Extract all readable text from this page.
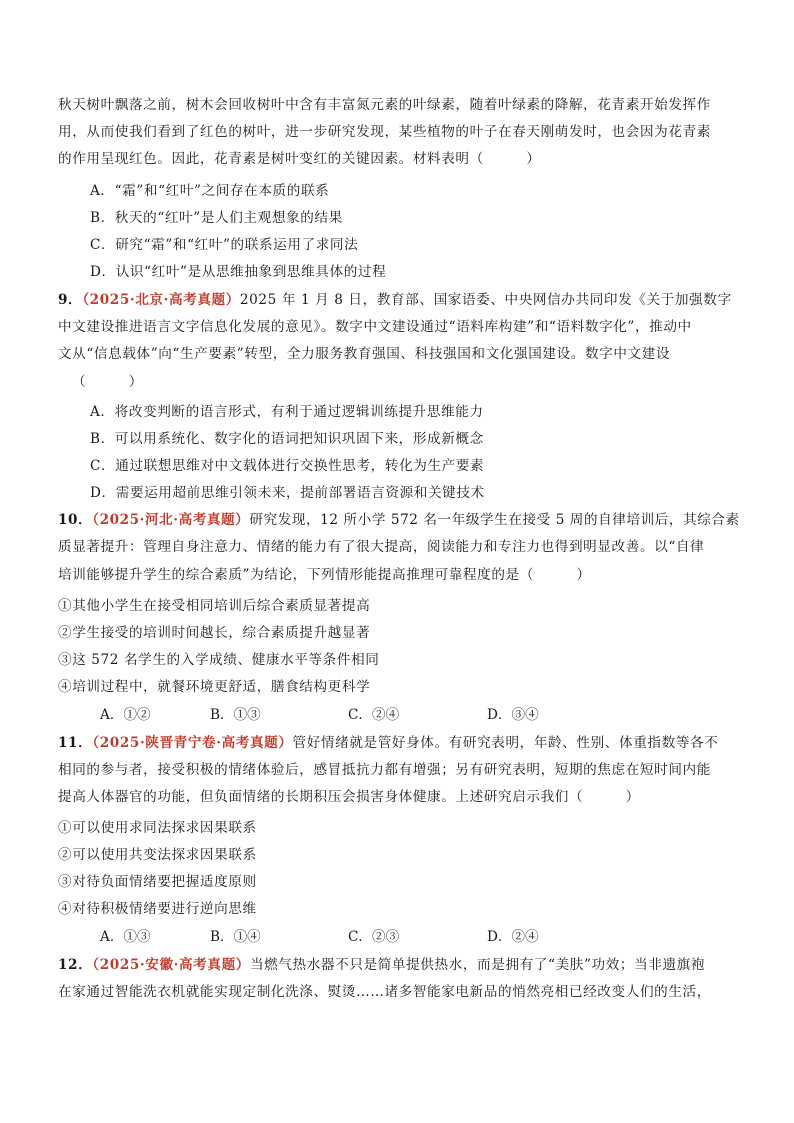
秋天树叶飘落之前，树木会回收树叶中含有丰富氮元素的叶绿素，随着叶绿素的降解，花青素开始发挥作
用，从而使我们看到了红色的树叶，进一步研究发现，某些植物的叶子在春天刚萌发时，也会因为花青素
的作用呈现红色。因此，花青素是树叶变红的关键因素。材料表明（　　　）
A．“霜”和“红叶”之间存在本质的联系
B．秋天的“红叶”是人们主观想象的结果
C．研究“霜”和“红叶”的联系运用了求同法
D．认识“红叶”是从思维抽象到思维具体的过程
9．（2025·北京·高考真题）2025 年 1 月 8 日，教育部、国家语委、中央网信办共同印发《关于加强数字
中文建设推进语言文字信息化发展的意见》。数字中文建设通过“语料库构建”和“语料数字化”，推动中
文从“信息载体”向“生产要素”转型，全力服务教育强国、科技强国和文化强国建设。数字中文建设
（　　　）
A．将改变判断的语言形式，有利于通过逻辑训练提升思维能力
B．可以用系统化、数字化的语词把知识巩固下来，形成新概念
C．通过联想思维对中文载体进行交换性思考，转化为生产要素
D．需要运用超前思维引领未来，提前部署语言资源和关键技术
10．（2025·河北·高考真题）研究发现，12 所小学 572 名一年级学生在接受 5 周的自律培训后，其综合素
质显著提升：管理自身注意力、情绪的能力有了很大提高，阅读能力和专注力也得到明显改善。以“自律
培训能够提升学生的综合素质”为结论，下列情形能提高推理可靠程度的是（　　　）
①其他小学生在接受相同培训后综合素质显著提高
②学生接受的培训时间越长，综合素质提升越显著
③这 572 名学生的入学成绩、健康水平等条件相同
④培训过程中，就餐环境更舒适，膳食结构更科学
A．①②	B．①③	C．②④	D．③④
11．（2025·陕晋青宁卷·高考真题）管好情绪就是管好身体。有研究表明，年龄、性别、体重指数等各不
相同的参与者，接受积极的情绪体验后，感冒抵抗力都有增强；另有研究表明，短期的焦虑在短时间内能
提高人体器官的功能，但负面情绪的长期积压会损害身体健康。上述研究启示我们（　　　）
①可以使用求同法探求因果联系
②可以使用共变法探求因果联系
③对待负面情绪要把握适度原则
④对待积极情绪要进行逆向思维
A．①③	B．①④	C．②③	D．②④
12．（2025·安徽·高考真题）当燃气热水器不只是简单提供热水，而是拥有了“美肤”功效；当非遗旗袍
在家通过智能洗衣机就能实现定制化洗涤、熨烫……诸多智能家电新品的悄然亮相已经改变人们的生活，
